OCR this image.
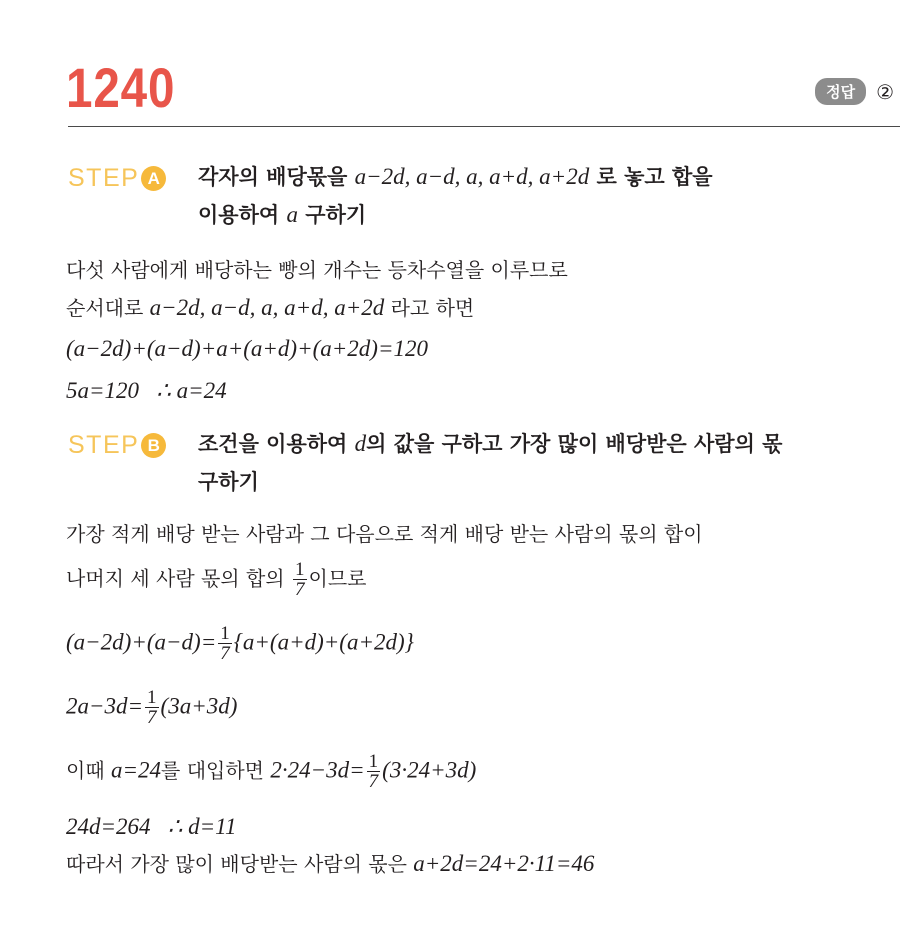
1240	정답	②
STEP A	각자의 배당몫을 a−2d, a−d, a, a+d, a+2d 로 놓고 합을
이용하여 a 구하기
다섯 사람에게 배당하는 빵의 개수는 등차수열을 이루므로
순서대로 a−2d, a−d, a, a+d, a+2d 라고 하면
(a−2d)+(a−d)+a+(a+d)+(a+2d)=120
5a=120   ∴ a=24
STEP B	조건을 이용하여 d의 값을 구하고 가장 많이 배당받은 사람의 몫
구하기
가장 적게 배당 받는 사람과 그 다음으로 적게 배당 받는 사람의 몫의 합이
나머지 세 사람 몫의 합의 $\frac{1}{7}$ 이므로
$(a-2d)+(a-d)= \frac{1}{7} \{a+(a+d)+(a+2d)\}$
$2a-3d= \frac{1}{7} (3a+3d)$
이때 a=24를 대입하면 $2\cdot 24-3d= \frac{1}{7} (3\cdot 24+3d)$
24d=264   ∴ d=11
따라서 가장 많이 배당받는 사람의 몫은 a+2d=24+2·11=46
